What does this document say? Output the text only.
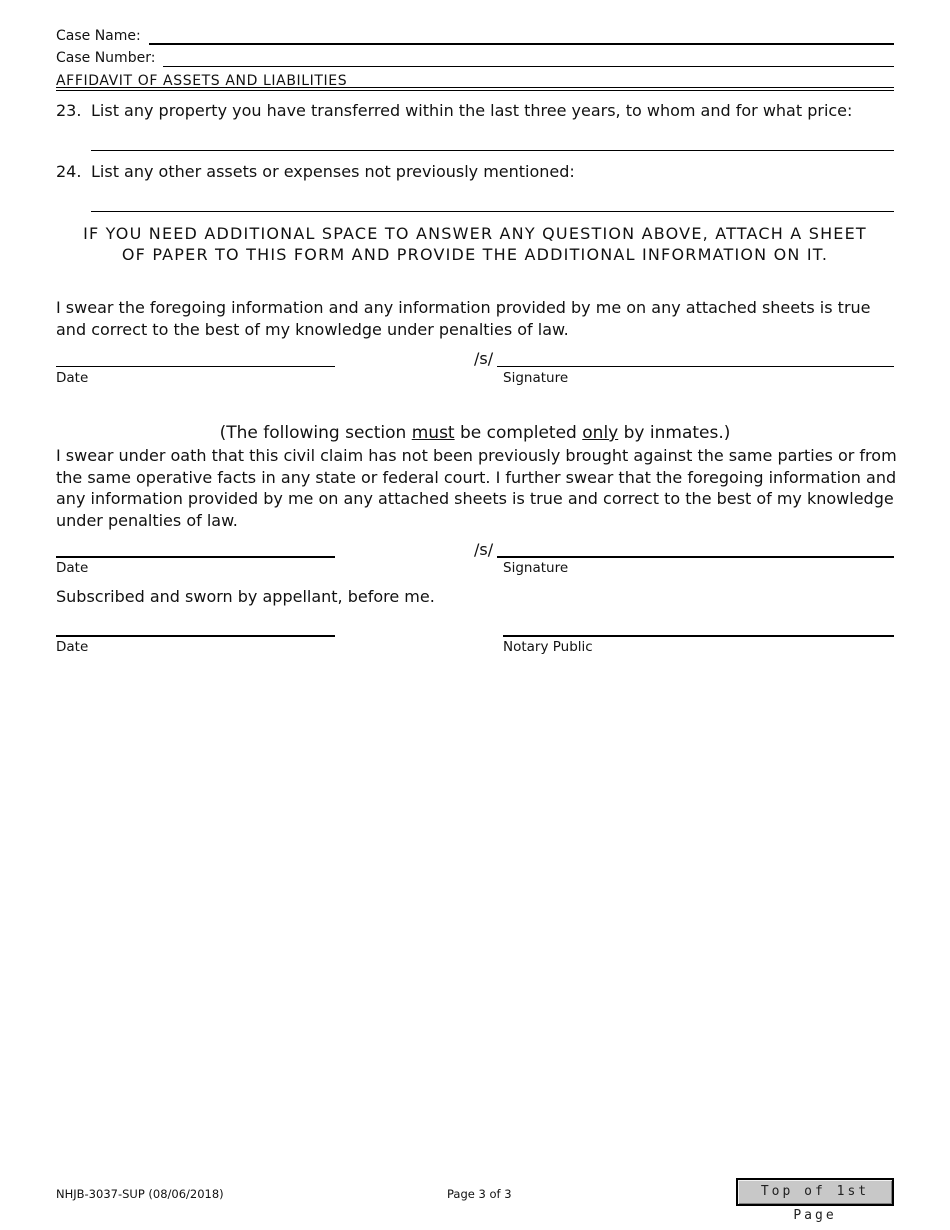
Case Name:
Case Number:
AFFIDAVIT OF ASSETS AND LIABILITIES
23. List any property you have transferred within the last three years, to whom and for what price:
24. List any other assets or expenses not previously mentioned:
IF YOU NEED ADDITIONAL SPACE TO ANSWER ANY QUESTION ABOVE, ATTACH A SHEET
OF PAPER TO THIS FORM AND PROVIDE THE ADDITIONAL INFORMATION ON IT.
I swear the foregoing information and any information provided by me on any attached sheets is true
and correct to the best of my knowledge under penalties of law.
/s/
Date	Signature
(The following section must be completed only by inmates.)
I swear under oath that this civil claim has not been previously brought against the same parties or from
the same operative facts in any state or federal court. I further swear that the foregoing information and
any information provided by me on any attached sheets is true and correct to the best of my knowledge
under penalties of law.
/s/
Date	Signature
Subscribed and sworn by appellant, before me.
Date	Notary Public
NHJB-3037-SUP (08/06/2018)	Page 3 of 3	Top of 1st Page
